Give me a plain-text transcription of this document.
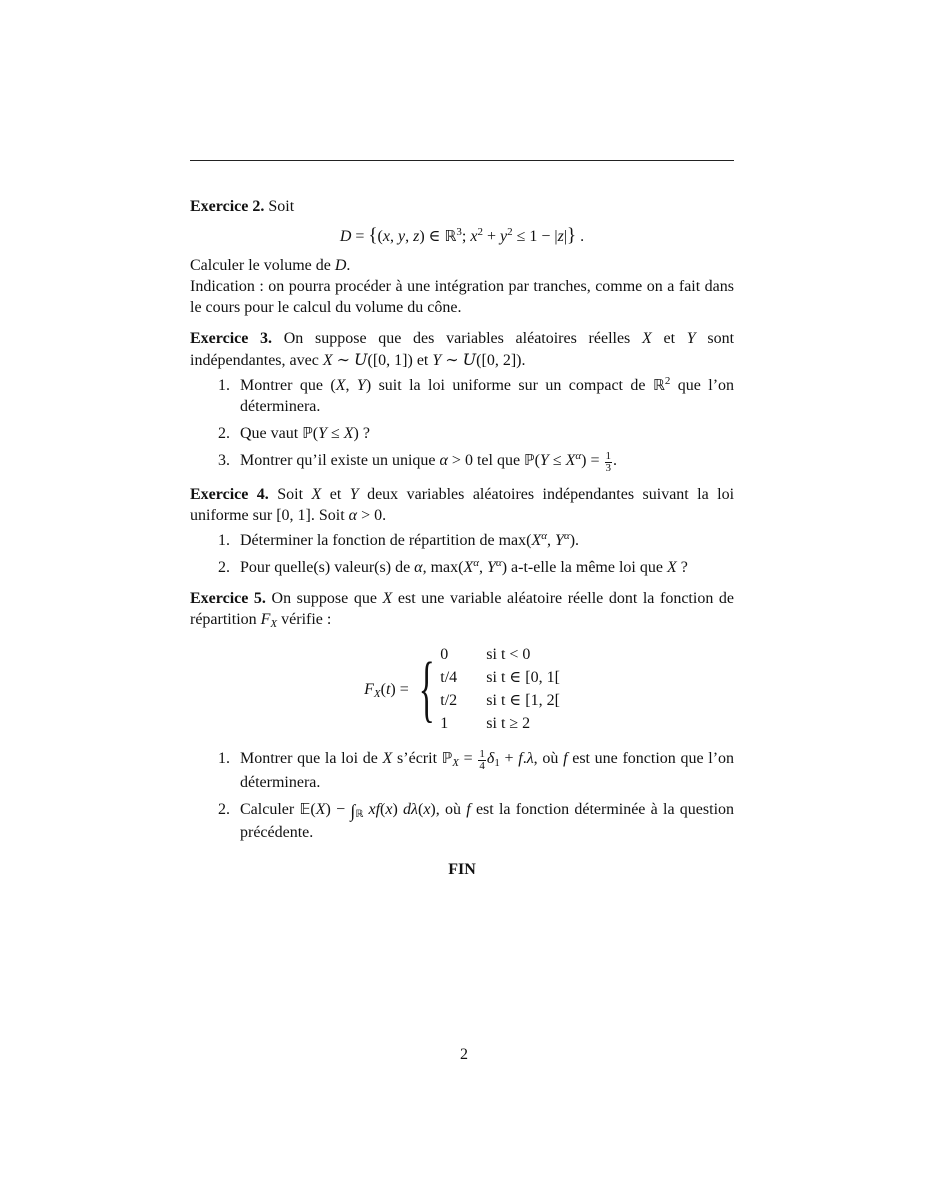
Exercice 2. Soit

D = {(x, y, z) ∈ ℝ$^3$; $x^2 + y^2 \le 1 - |z|$} .

Calculer le volume de D.

Indication : on pourra procéder à une intégration par tranches, comme on a fait dans le cours pour le calcul du volume du cône.

Exercice 3. On suppose que des variables aléatoires réelles X et Y sont indépendantes, avec X ∼ U([0, 1]) et Y ∼ U([0, 2]).

1. Montrer que (X, Y) suit la loi uniforme sur un compact de ℝ$^2$ que l’on déterminera.
2. Que vaut ℙ(Y ≤ X) ?
3. Montrer qu’il existe un unique α > 0 tel que ℙ(Y ≤ $X^\alpha) = \frac{1}{3}$ .

Exercice 4. Soit X et Y deux variables aléatoires indépendantes suivant la loi uniforme sur [0, 1]. Soit α > 0.

1. Déterminer la fonction de répartition de $\max(X^\alpha$, $Y^\alpha$).
2. Pour quelle(s) valeur(s) de α, $\max(X^\alpha$, $Y^\alpha$) a-t-elle la même loi que X ?

Exercice 5. On suppose que X est une variable aléatoire réelle dont la fonction de répartition $F_X$ vérifie :

$F_X(t)$ = { 0	si t < 0
t/4	si t ∈ [0, 1[
t/2	si t ∈ [1, 2[
1	si t ≥ 2
1. Montrer que la loi de X s’écrit ℙ$_X$ = $\frac{1}{4} \delta_1 + f.\lambda$, où f est une fonction que l’on déterminera.
2. Calculer 𝔼(X) − $\int_ℝ$ xf(x) dλ(x), où f est la fonction déterminée à la question précédente.
FIN
2
